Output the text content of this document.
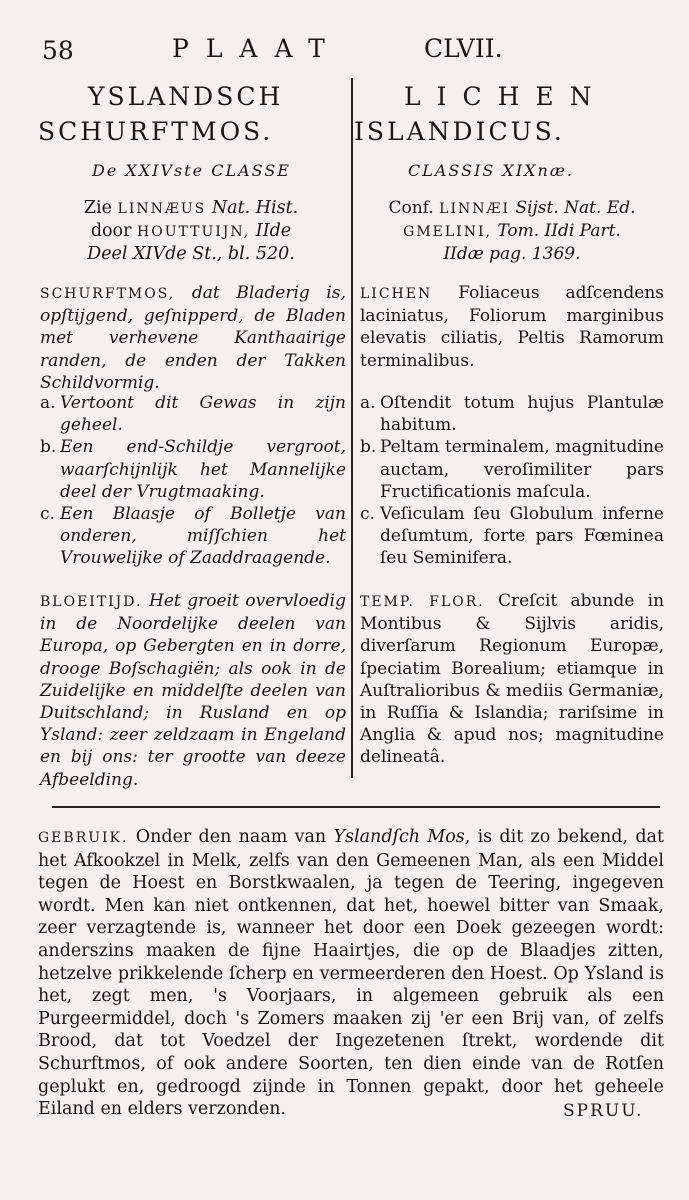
58	PLAAT	CLVII.
YSLANDSCH
SCHURFTMOS.
De XXIVste CLASSE
LICHEN
ISLANDICUS.
CLASSIS XIXnæ.
Zie LINNÆUS Nat. Hist.
door HOUTTUIJN, IIde
Deel XIVde St., bl. 520.
Conf. LINNÆI Sijst. Nat. Ed.
GMELINI, Tom. IIdi Part.
IIdæ pag. 1369.

SCHURFTMOS, dat Bladerig is, opſtijgend, geſnipperd, de Bladen met verhevene Kanthaairige randen, de enden der Takken Schildvormig.

LICHEN Foliaceus adſcendens laciniatus, Foliorum marginibus elevatis ciliatis, Peltis Ramorum terminalibus.

a. Vertoont dit Gewas in zijn geheel.
b. Een end-Schildje vergroot, waarſchijnlijk het Mannelijke deel der Vrugtmaaking.
c. Een Blaasje of Bolletje van onderen, miſſchien het Vrouwelijke of Zaaddraagende.
a. Oſtendit totum hujus Plantulæ habitum.
b. Peltam terminalem, magnitudine auctam, veroſimiliter pars Fructificationis maſcula.
c. Veſiculam ſeu Globulum inferne deſumtum, forte pars Fœminea ſeu Seminifera.

BLOEITIJD. Het groeit overvloedig in de Noordelijke deelen van Europa, op Gebergten en in dorre, drooge Boſschagiën; als ook in de Zuidelijke en middelſte deelen van Duitschland; in Rusland en op Ysland: zeer zeldzaam in Engeland en bij ons: ter grootte van deeze Afbeelding.

TEMP. FLOR. Creſcit abunde in Montibus & Sijlvis aridis, diverſarum Regionum Europæ, ſpeciatim Borealium; etiamque in Auſtralioribus & mediis Germaniæ, in Ruſſia & Islandia; rariſsime in Anglia & apud nos; magnitudine delineatâ.

GEBRUIK. Onder den naam van Yslandſch Mos, is dit zo bekend, dat het Afkookzel in Melk, zelfs van den Gemeenen Man, als een Middel tegen de Hoest en Borstkwaalen, ja tegen de Teering, ingegeven wordt. Men kan niet ontkennen, dat het, hoewel bitter van Smaak, zeer verzagtende is, wanneer het door een Doek gezeegen wordt: anderszins maaken de fijne Haairtjes, die op de Blaadjes zitten, hetzelve prikkelende ſcherp en vermeerderen den Hoest. Op Ysland is het, zegt men, 's Voorjaars, in algemeen gebruik als een Purgeermiddel, doch 's Zomers maaken zij 'er een Brij van, of zelfs Brood, dat tot Voedzel der Ingezetenen ſtrekt, wordende dit Schurftmos, of ook andere Soorten, ten dien einde van de Rotſen geplukt en, gedroogd zijnde in Tonnen gepakt, door het geheele Eiland en elders verzonden.	SPRUU.
